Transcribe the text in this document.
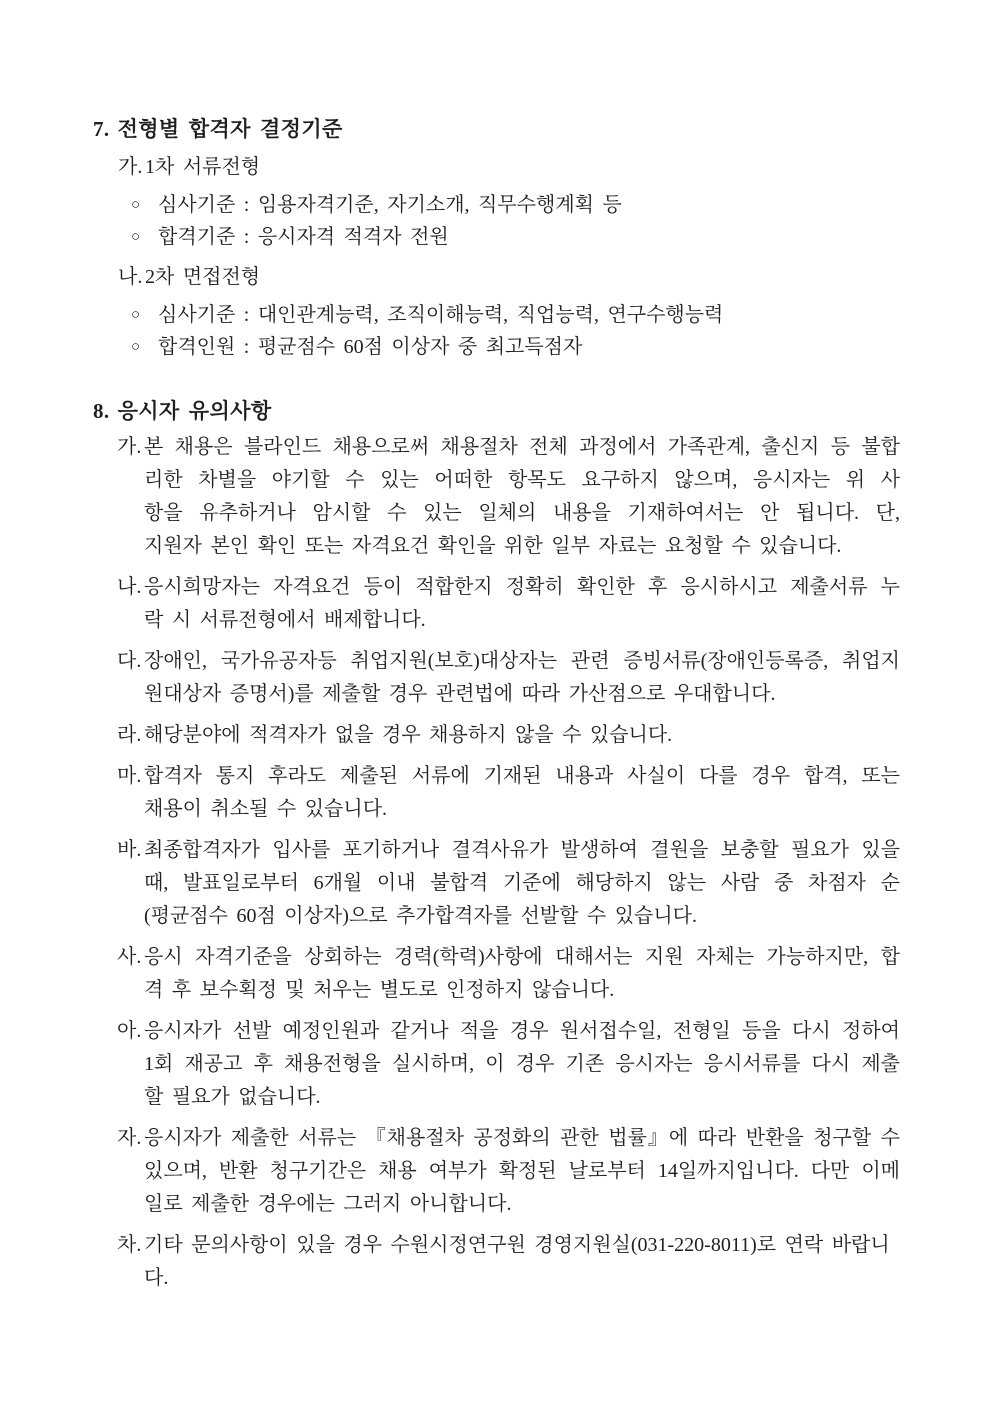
7. 전형별 합격자 결정기준
가. 1차 서류전형
○ 심사기준 : 임용자격기준, 자기소개, 직무수행계획 등
○ 합격기준 : 응시자격 적격자 전원
나. 2차 면접전형
○ 심사기준 : 대인관계능력, 조직이해능력, 직업능력, 연구수행능력
○ 합격인원 : 평균점수 60점 이상자 중 최고득점자
8. 응시자 유의사항
가. 본 채용은 블라인드 채용으로써 채용절차 전체 과정에서 가족관계, 출신지 등 불합
리한 차별을 야기할 수 있는 어떠한 항목도 요구하지 않으며, 응시자는 위 사
항을 유추하거나 암시할 수 있는 일체의 내용을 기재하여서는 안 됩니다. 단,
지원자 본인 확인 또는 자격요건 확인을 위한 일부 자료는 요청할 수 있습니다.
나. 응시희망자는 자격요건 등이 적합한지 정확히 확인한 후 응시하시고 제출서류 누
락 시 서류전형에서 배제합니다.
다. 장애인, 국가유공자등 취업지원(보호)대상자는 관련 증빙서류(장애인등록증, 취업지
원대상자 증명서)를 제출할 경우 관련법에 따라 가산점으로 우대합니다.
라. 해당분야에 적격자가 없을 경우 채용하지 않을 수 있습니다.
마. 합격자 통지 후라도 제출된 서류에 기재된 내용과 사실이 다를 경우 합격, 또는
채용이 취소될 수 있습니다.
바. 최종합격자가 입사를 포기하거나 결격사유가 발생하여 결원을 보충할 필요가 있을
때, 발표일로부터 6개월 이내 불합격 기준에 해당하지 않는 사람 중 차점자 순
(평균점수 60점 이상자)으로 추가합격자를 선발할 수 있습니다.
사. 응시 자격기준을 상회하는 경력(학력)사항에 대해서는 지원 자체는 가능하지만, 합
격 후 보수획정 및 처우는 별도로 인정하지 않습니다.
아. 응시자가 선발 예정인원과 같거나 적을 경우 원서접수일, 전형일 등을 다시 정하여
1회 재공고 후 채용전형을 실시하며, 이 경우 기존 응시자는 응시서류를 다시 제출
할 필요가 없습니다.
자. 응시자가 제출한 서류는 『채용절차 공정화의 관한 법률』에 따라 반환을 청구할 수
있으며, 반환 청구기간은 채용 여부가 확정된 날로부터 14일까지입니다. 다만 이메
일로 제출한 경우에는 그러지 아니합니다.
차. 기타 문의사항이 있을 경우 수원시정연구원 경영지원실(031-220-8011)로 연락 바랍니다.
